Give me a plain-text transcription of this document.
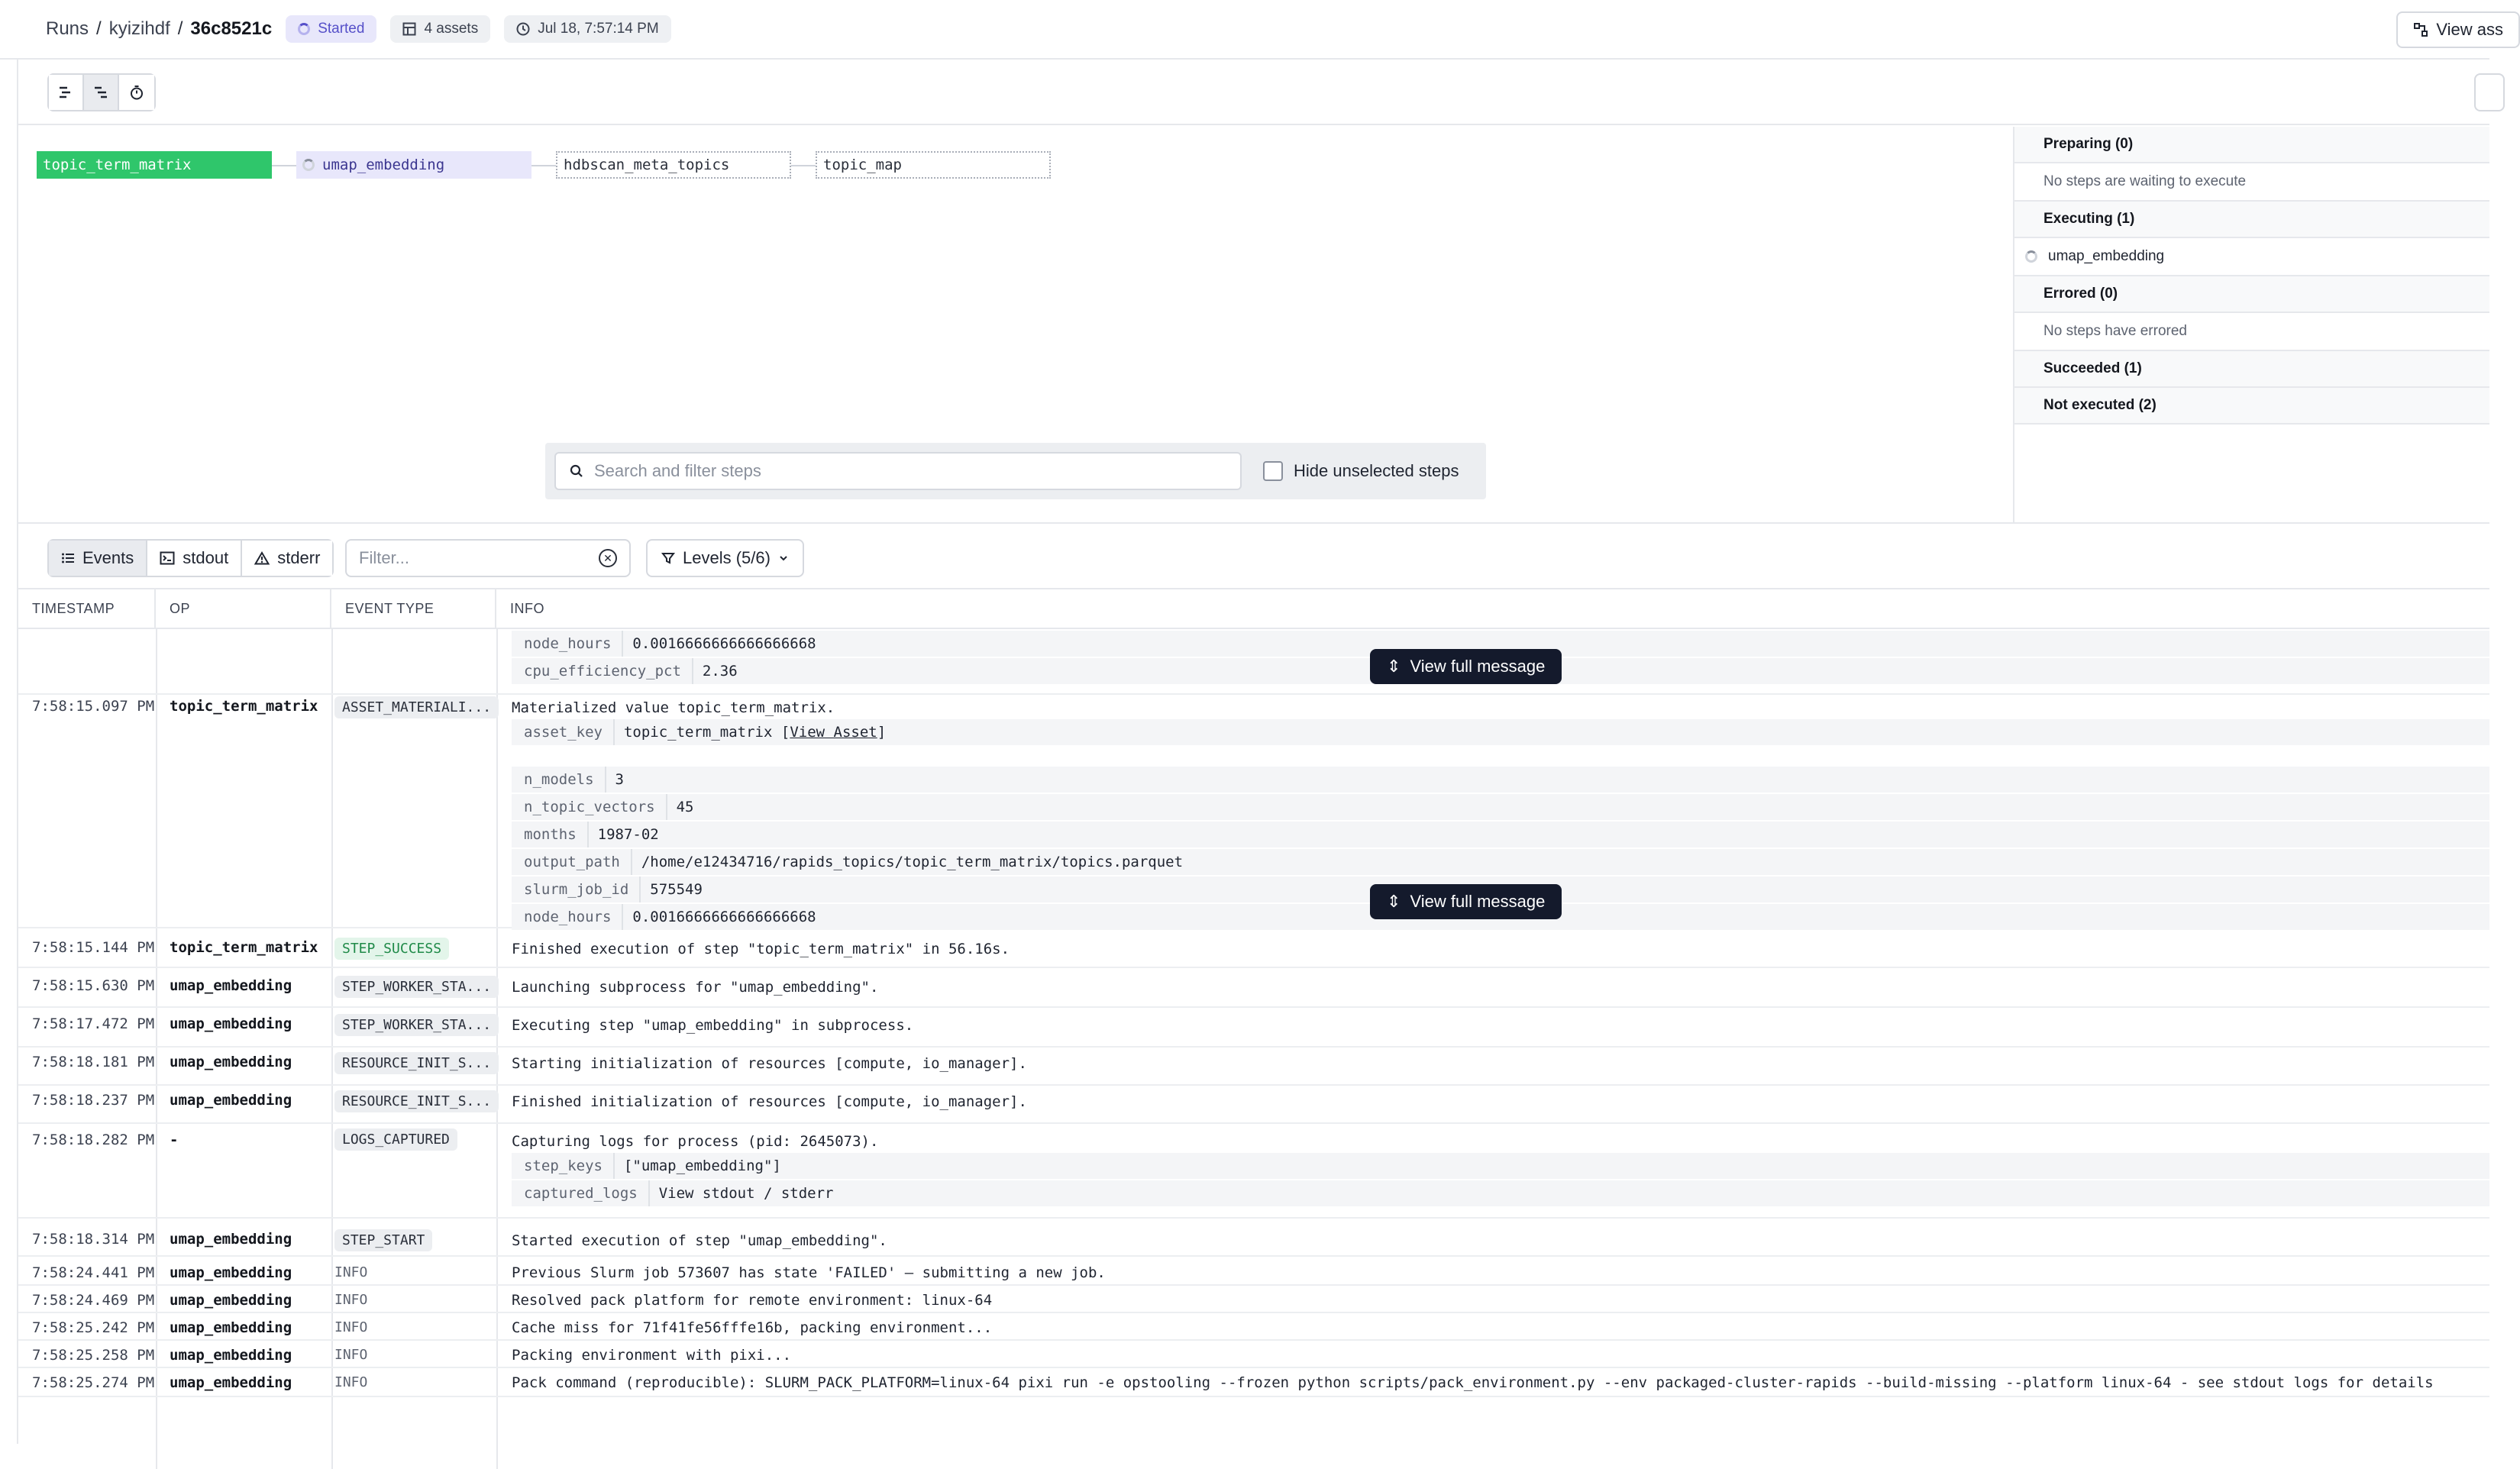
Runs / kyizihdf / 36c8521c	Started	4 assets	Jul 18, 7:57:14 PM	View ass
topic_term_matrix	umap_embedding	hdbscan_meta_topics	topic_map
Search and filter steps
Hide unselected steps
Preparing (0)
No steps are waiting to execute
Executing (1)
umap_embedding
Errored (0)
No steps have errored
Succeeded (1)
Not executed (2)
Events	stdout	stderr
Filter...	✕	Levels (5/6)
TIMESTAMP	OP	EVENT TYPE	INFO
node_hours	0.0016666666666666668
cpu_efficiency_pct	2.36	⇕ View full message
7:58:15.097 PM topic_term_matrix	ASSET_MATERIALI...	Materialized value topic_term_matrix.
asset_key	topic_term_matrix [View Asset]
n_models	3
n_topic_vectors	45
months	1987-02
output_path	/home/e12434716/rapids_topics/topic_term_matrix/topics.parquet
slurm_job_id	575549
node_hours	0.0016666666666666668
⇕ View full message
7:58:15.144 PM topic_term_matrix	STEP_SUCCESS	Finished execution of step "topic_term_matrix" in 56.16s.
7:58:15.630 PM umap_embedding	STEP_WORKER_STA...	Launching subprocess for "umap_embedding".
7:58:17.472 PM umap_embedding	STEP_WORKER_STA...	Executing step "umap_embedding" in subprocess.
7:58:18.181 PM umap_embedding	RESOURCE_INIT_S...	Starting initialization of resources [compute, io_manager].
7:58:18.237 PM umap_embedding	RESOURCE_INIT_S...	Finished initialization of resources [compute, io_manager].
7:58:18.282 PM -	LOGS_CAPTURED	Capturing logs for process (pid: 2645073).
step_keys	["umap_embedding"]
captured_logs	View stdout / stderr
7:58:18.314 PM umap_embedding	STEP_START	Started execution of step "umap_embedding".
7:58:24.441 PM umap_embedding	INFO	Previous Slurm job 573607 has state 'FAILED' — submitting a new job.
7:58:24.469 PM umap_embedding	INFO	Resolved pack platform for remote environment: linux-64
7:58:25.242 PM umap_embedding	INFO	Cache miss for 71f41fe56fffe16b, packing environment...
7:58:25.258 PM umap_embedding	INFO	Packing environment with pixi...
7:58:25.274 PM umap_embedding	INFO	Pack command (reproducible): SLURM_PACK_PLATFORM=linux-64 pixi run -e opstooling --frozen python scripts/pack_environment.py --env packaged-cluster-rapids --build-missing --platform linux-64 - see stdout logs for details
